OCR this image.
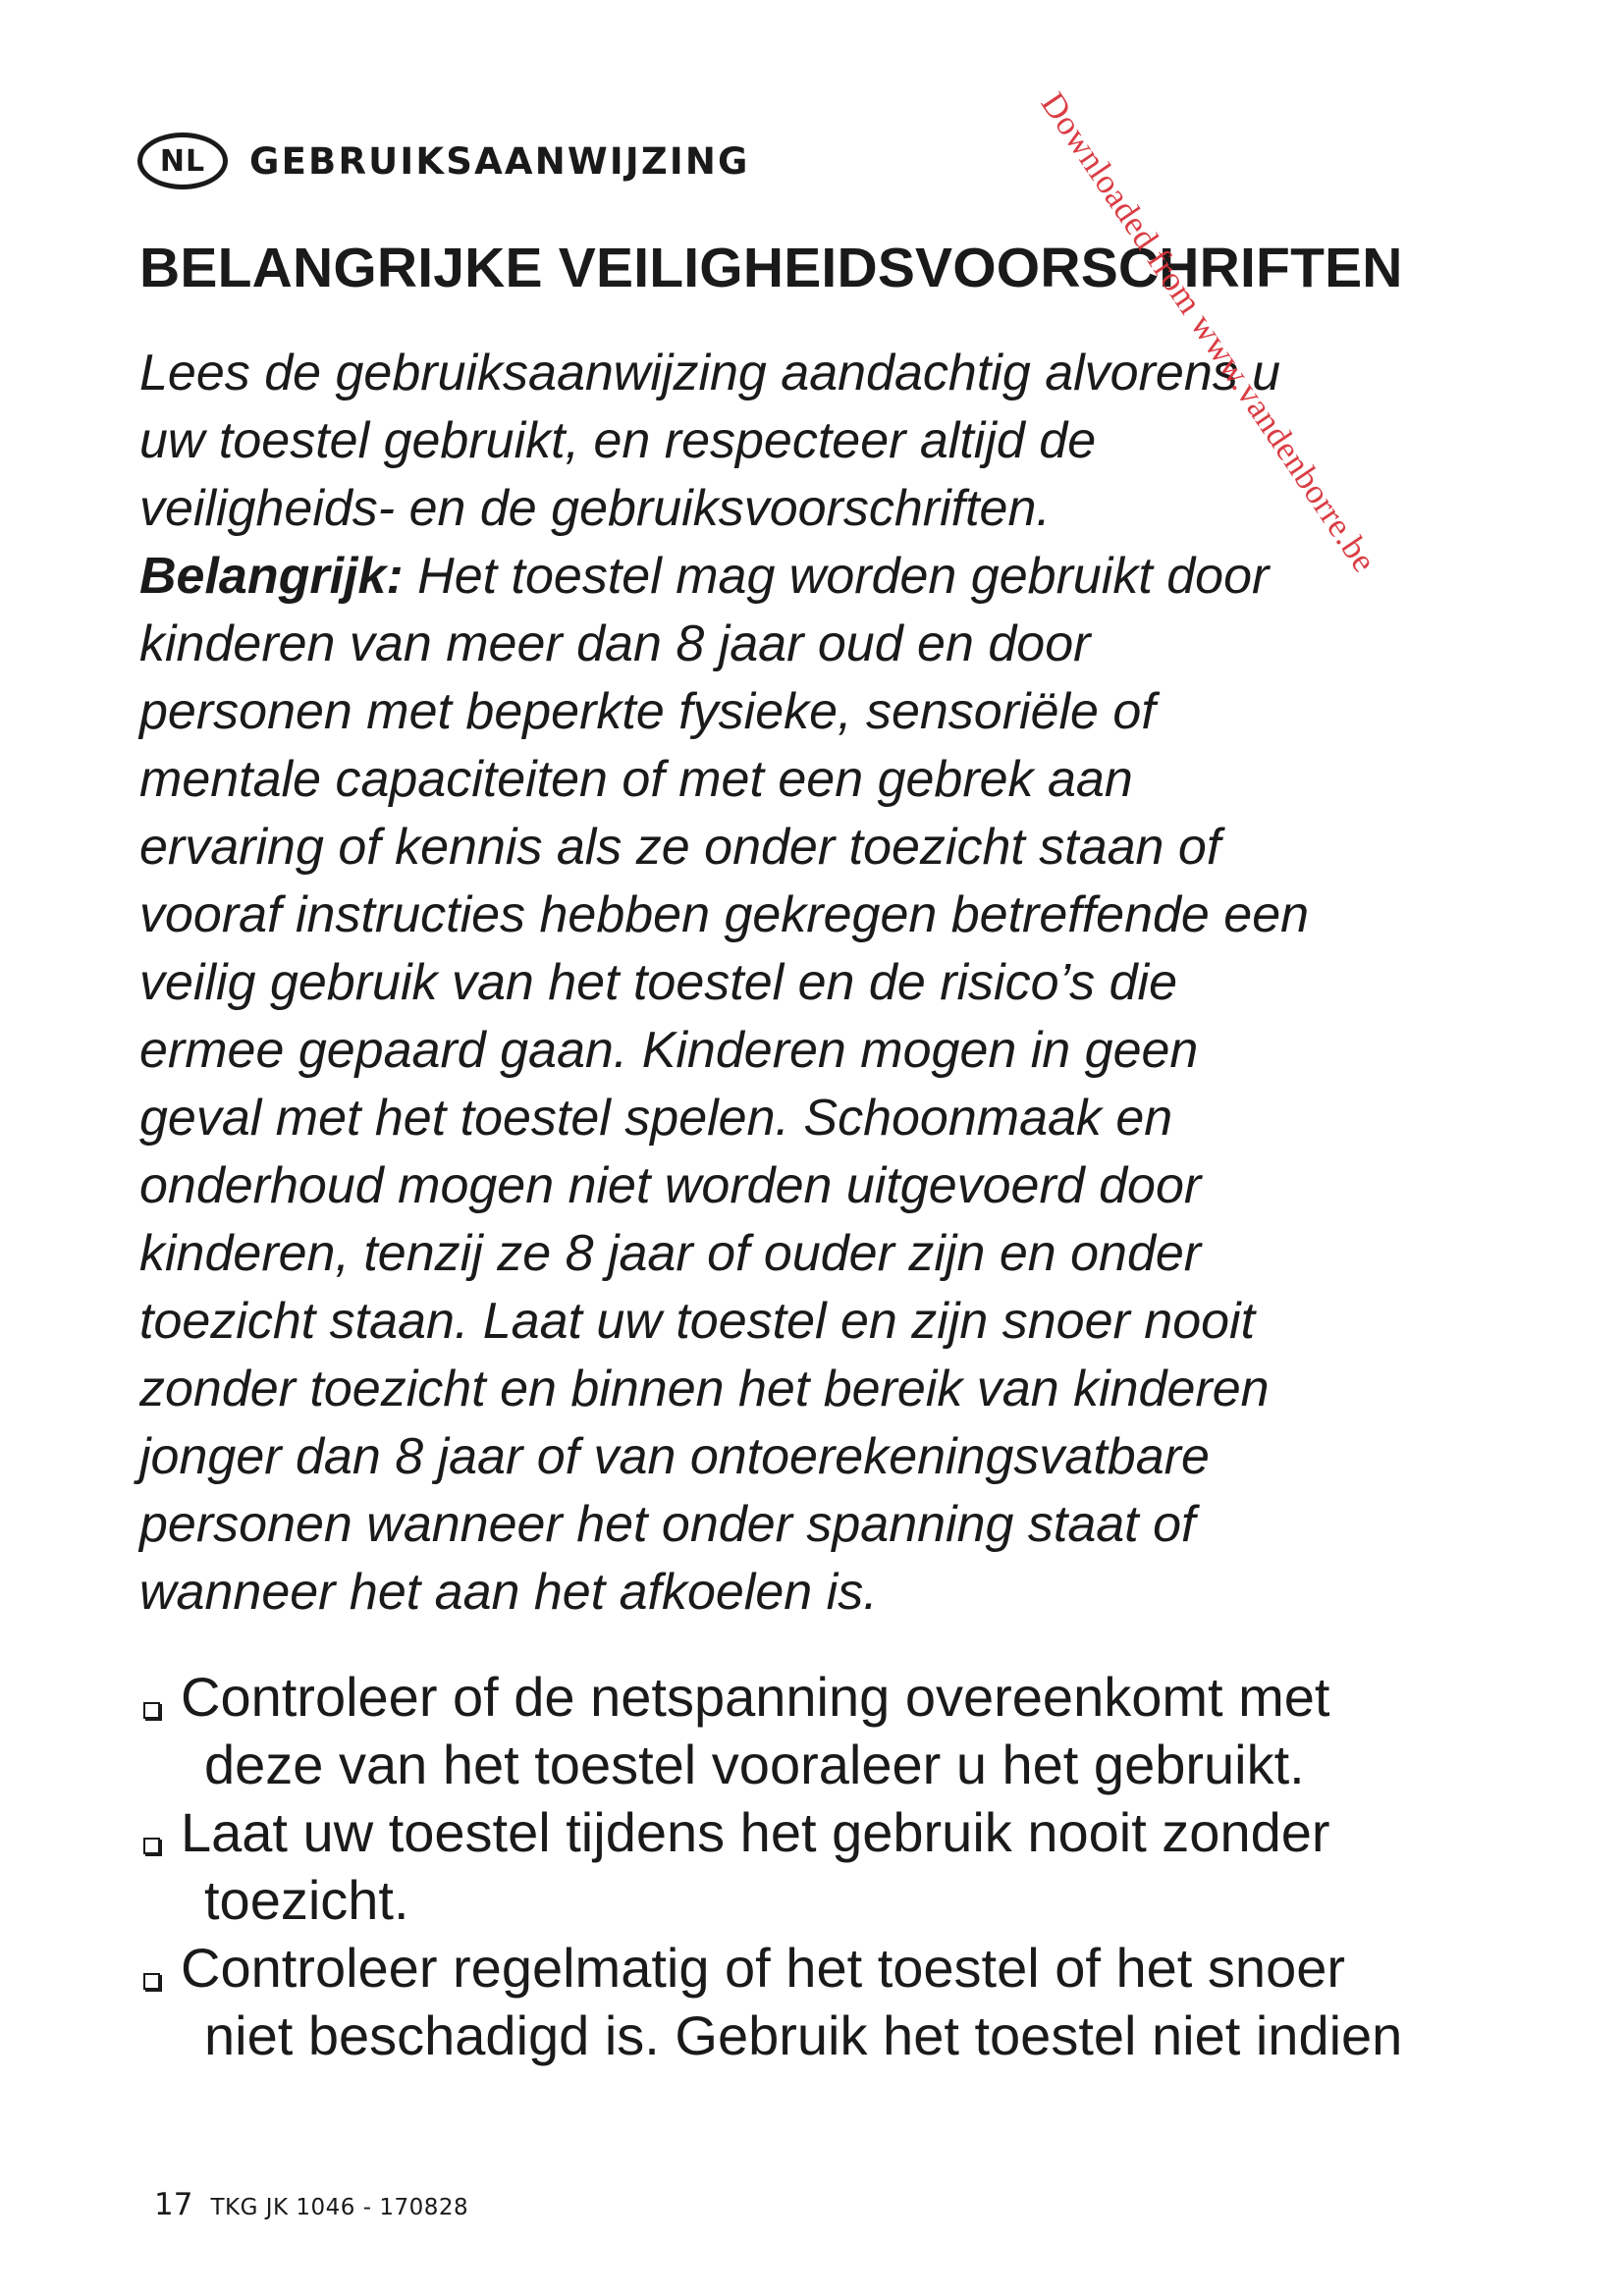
NL GEBRUIKSAANWIJZING
BELANGRIJKE VEILIGHEIDSVOORSCHRIFTEN
Lees de gebruiksaanwijzing aandachtig alvorens u
uw toestel gebruikt, en respecteer altijd de
veiligheids- en de gebruiksvoorschriften.
Belangrijk: Het toestel mag worden gebruikt door
kinderen van meer dan 8 jaar oud en door
personen met beperkte fysieke, sensoriële of
mentale capaciteiten of met een gebrek aan
ervaring of kennis als ze onder toezicht staan of
vooraf instructies hebben gekregen betreffende een
veilig gebruik van het toestel en de risico’s die
ermee gepaard gaan. Kinderen mogen in geen
geval met het toestel spelen. Schoonmaak en
onderhoud mogen niet worden uitgevoerd door
kinderen, tenzij ze 8 jaar of ouder zijn en onder
toezicht staan. Laat uw toestel en zijn snoer nooit
zonder toezicht en binnen het bereik van kinderen
jonger dan 8 jaar of van ontoerekeningsvatbare
personen wanneer het onder spanning staat of
wanneer het aan het afkoelen is.
Controleer of de netspanning overeenkomt met
deze van het toestel vooraleer u het gebruikt.
Laat uw toestel tijdens het gebruik nooit zonder
toezicht.
Controleer regelmatig of het toestel of het snoer
niet beschadigd is. Gebruik het toestel niet indien
17 TKG JK 1046 - 170828
Downloaded from www.vandenborre.be
